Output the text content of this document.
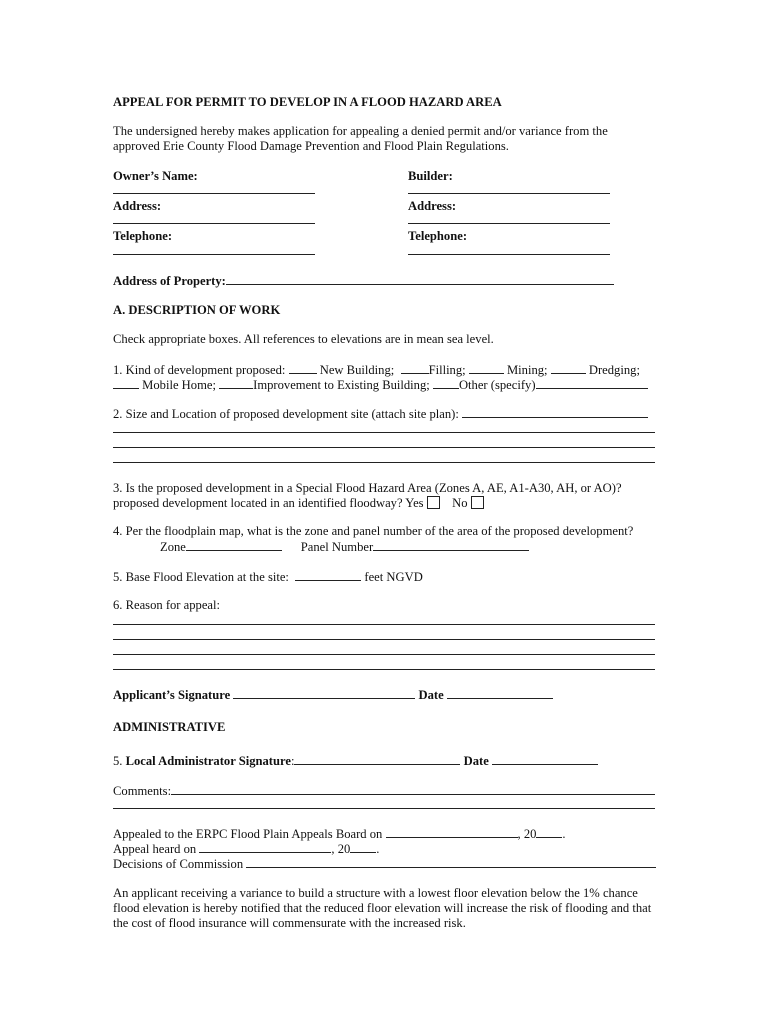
APPEAL FOR PERMIT TO DEVELOP IN A FLOOD HAZARD AREA
The undersigned hereby makes application for appealing a denied permit and/or variance from the
approved Erie County Flood Damage Prevention and Flood Plain Regulations.
Owner’s Name:	Builder:
Address:	Address:
Telephone:	Telephone:
Address of Property:
A. DESCRIPTION OF WORK
Check appropriate boxes. All references to elevations are in mean sea level.
1. Kind of development proposed:	New Building;	Filling;	Mining;	Dredging;
Mobile Home;	Improvement to Existing Building; Other (specify)
2. Size and Location of proposed development site (attach site plan):
3. Is the proposed development in a Special Flood Hazard Area (Zones A, AE, A1-A30, AH, or AO)?
proposed development located in an identified floodway? Yes No
4. Per the floodplain map, what is the zone and panel number of the area of the proposed development?
Zone	Panel Number
5. Base Flood Elevation at the site:	feet NGVD
6. Reason for appeal:
Applicant’s Signature	Date
ADMINISTRATIVE
5. Local Administrator Signature:	Date
Comments:
Appealed to the ERPC Flood Plain Appeals Board on	, 20 .
Appeal heard on	, 20 .
Decisions of Commission
An applicant receiving a variance to build a structure with a lowest floor elevation below the 1% chance
flood elevation is hereby notified that the reduced floor elevation will increase the risk of flooding and that
the cost of flood insurance will commensurate with the increased risk.
